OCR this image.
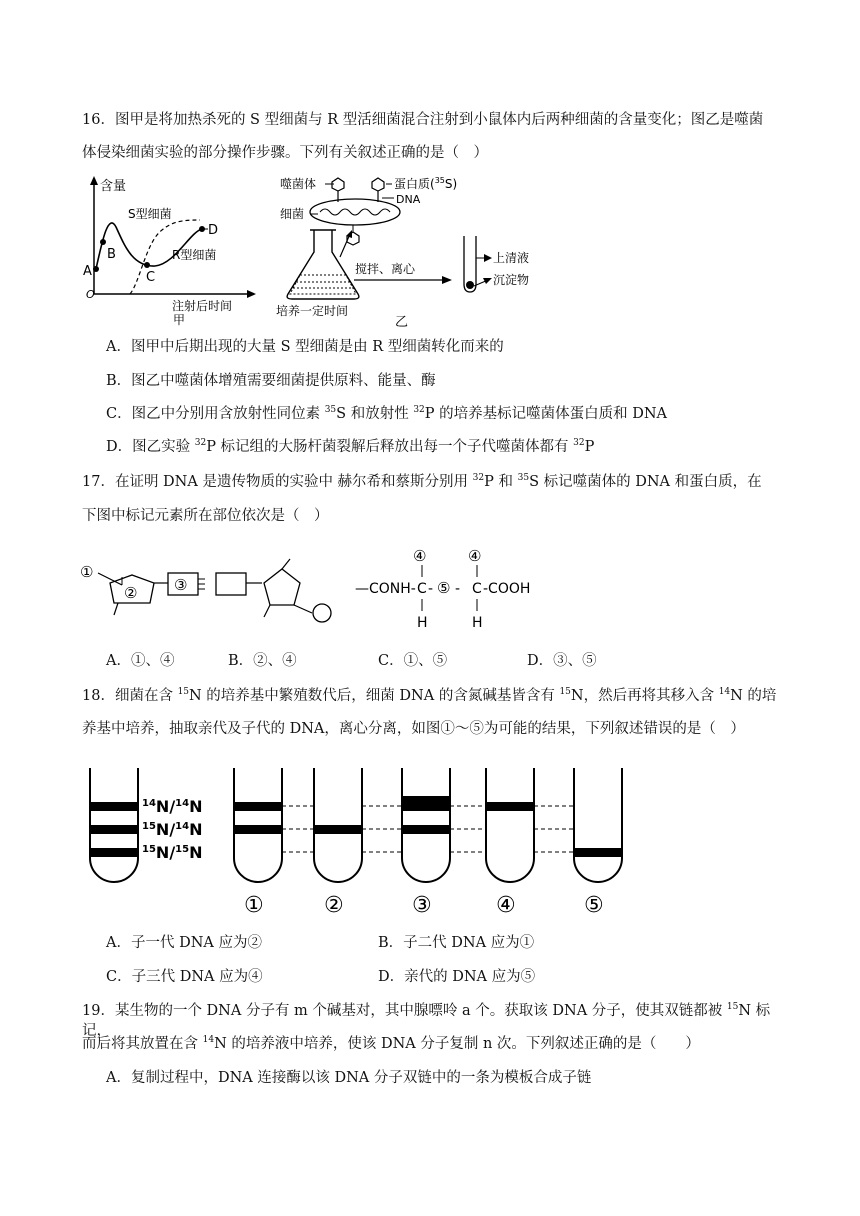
16．图甲是将加热杀死的 S 型细菌与 R 型活细菌混合注射到小鼠体内后两种细菌的含量变化；图乙是噬菌
体侵染细菌实验的部分操作步骤。下列有关叙述正确的是（　）
含量
O
A
B
C
D
S型细菌
R型细菌
注射后时间
甲
噬菌体	蛋白质($^{35}$S)
DNA
细菌
培养一定时间
搅拌、离心
上清液
沉淀物
乙
A．图甲中后期出现的大量 S 型细菌是由 R 型细菌转化而来的
B．图乙中噬菌体增殖需要细菌提供原料、能量、酶
C．图乙中分别用含放射性同位素 $^{35}$S 和放射性 $^{32}$P 的培养基标记噬菌体蛋白质和 DNA
D．图乙实验 $^{32}$P 标记组的大肠杆菌裂解后释放出每一个子代噬菌体都有 $^{32}$P
17．在证明 DNA 是遗传物质的实验中 赫尔希和蔡斯分别用 $^{32}$P 和 $^{35}$S 标记噬菌体的 DNA 和蛋白质，在
下图中标记元素所在部位依次是（　）
①
② ③
④	④
—CONH- C - ⑤ - C -COOH
H	H
A．①、④	B．②、④	C．①、⑤	D．③、⑤
18．细菌在含 $^{15}$N 的培养基中繁殖数代后，细菌 DNA 的含氮碱基皆含有 $^{15}$N，然后再将其移入含 $^{14}$N 的培
养基中培养，抽取亲代及子代的 DNA，离心分离，如图①～⑤为可能的结果，下列叙述错误的是（　）
$^{14}$N/$^{14}$N
$^{15}$N/$^{14}$N
$^{15}$N/$^{15}$N
①	②	③	④	⑤
A．子一代 DNA 应为②	B．子二代 DNA 应为①
C．子三代 DNA 应为④	D．亲代的 DNA 应为⑤
19．某生物的一个 DNA 分子有 m 个碱基对，其中腺嘌呤 a 个。获取该 DNA 分子，使其双链都被 $^{15}$N 标记，
而后将其放置在含 $^{14}$N 的培养液中培养，使该 DNA 分子复制 n 次。下列叙述正确的是（　　）
A．复制过程中，DNA 连接酶以该 DNA 分子双链中的一条为模板合成子链
